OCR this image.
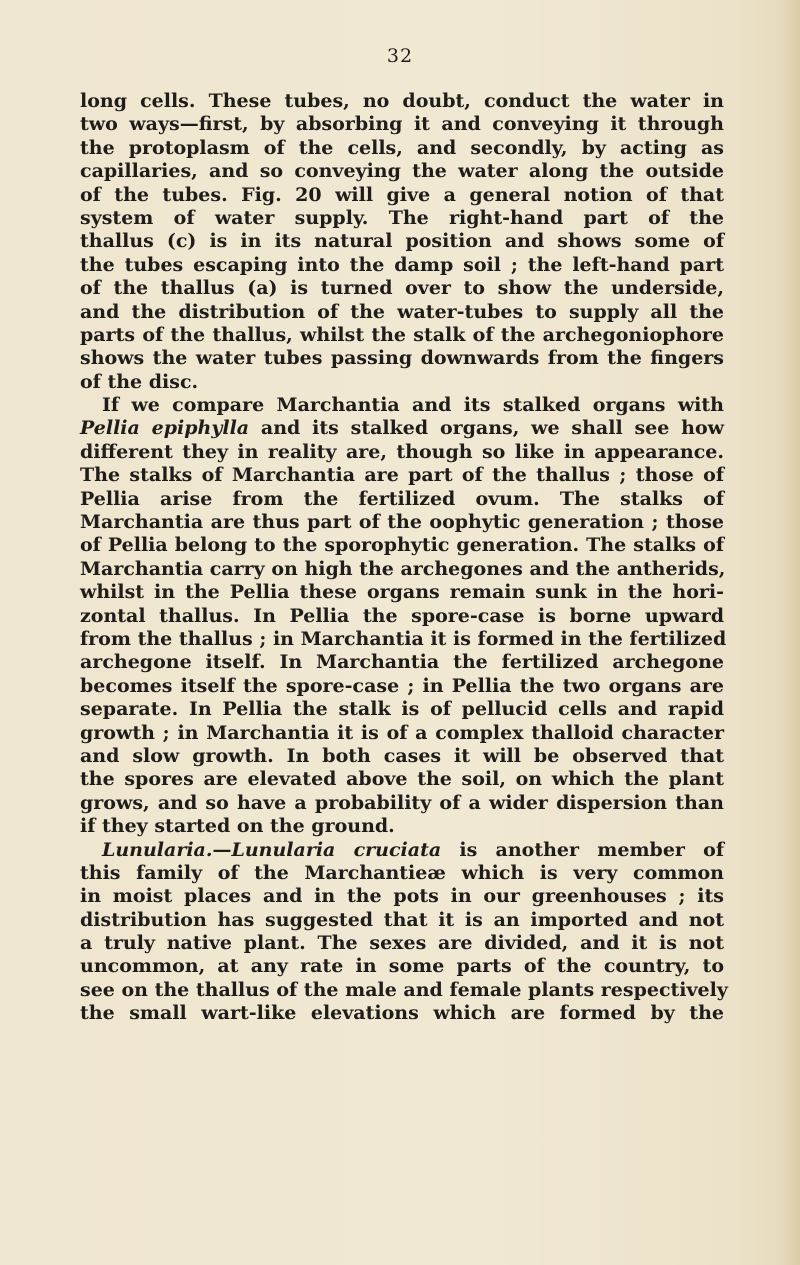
32
long cells. These tubes, no doubt, conduct the water in
two ways—first, by absorbing it and conveying it through
the protoplasm of the cells, and secondly, by acting as
capillaries, and so conveying the water along the outside
of the tubes. Fig. 20 will give a general notion of that
system of water supply. The right-hand part of the
thallus (c) is in its natural position and shows some of
the tubes escaping into the damp soil ; the left-hand part
of the thallus (a) is turned over to show the underside,
and the distribution of the water-tubes to supply all the
parts of the thallus, whilst the stalk of the archegoniophore
shows the water tubes passing downwards from the fingers
of the disc.
If we compare Marchantia and its stalked organs with
Pellia epiphylla and its stalked organs, we shall see how
different they in reality are, though so like in appearance.
The stalks of Marchantia are part of the thallus ; those of
Pellia arise from the fertilized ovum. The stalks of
Marchantia are thus part of the oophytic generation ; those
of Pellia belong to the sporophytic generation. The stalks of
Marchantia carry on high the archegones and the antherids,
whilst in the Pellia these organs remain sunk in the hori-
zontal thallus. In Pellia the spore-case is borne upward
from the thallus ; in Marchantia it is formed in the fertilized
archegone itself. In Marchantia the fertilized archegone
becomes itself the spore-case ; in Pellia the two organs are
separate. In Pellia the stalk is of pellucid cells and rapid
growth ; in Marchantia it is of a complex thalloid character
and slow growth. In both cases it will be observed that
the spores are elevated above the soil, on which the plant
grows, and so have a probability of a wider dispersion than
if they started on the ground.
Lunularia.—Lunularia cruciata is another member of
this family of the Marchantieæ which is very common
in moist places and in the pots in our greenhouses ; its
distribution has suggested that it is an imported and not
a truly native plant. The sexes are divided, and it is not
uncommon, at any rate in some parts of the country, to
see on the thallus of the male and female plants respectively
the small wart-like elevations which are formed by the
